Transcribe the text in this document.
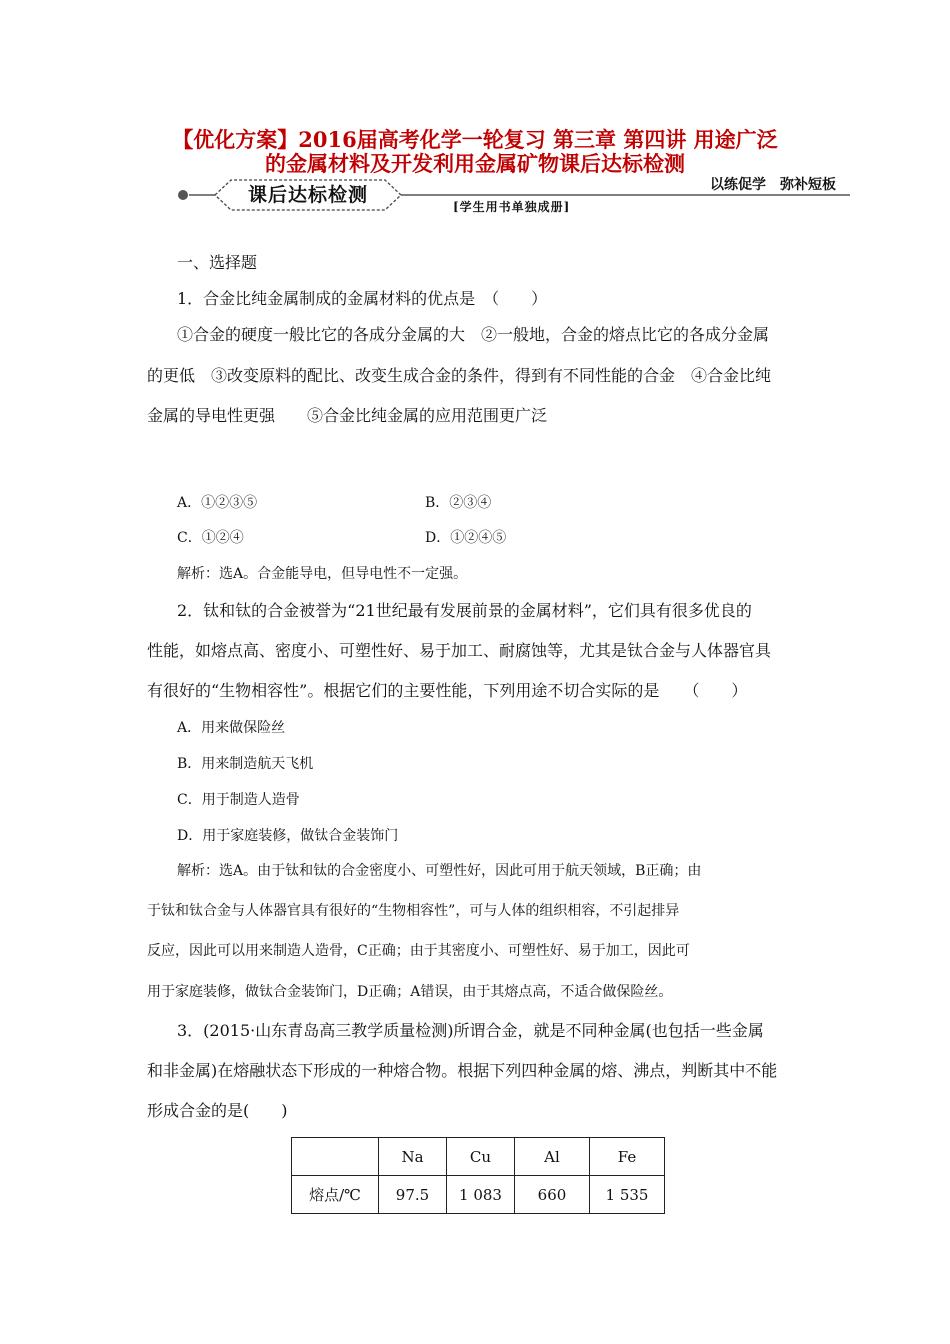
【优化方案】2016届高考化学一轮复习 第三章 第四讲 用途广泛
的金属材料及开发利用金属矿物课后达标检测
课后达标检测	以练促学　弥补短板
[学生用书单独成册]
一、选择题
1．合金比纯金属制成的金属材料的优点是　（　　）
①合金的硬度一般比它的各成分金属的大　②一般地，合金的熔点比它的各成分金属
的更低　③改变原料的配比、改变生成合金的条件，得到有不同性能的合金　④合金比纯
金属的导电性更强　　⑤合金比纯金属的应用范围更广泛
A．①②③⑤	B．②③④
C．①②④	D．①②④⑤
解析：选A。合金能导电，但导电性不一定强。
2．钛和钛的合金被誉为“21世纪最有发展前景的金属材料”，它们具有很多优良的
性能，如熔点高、密度小、可塑性好、易于加工、耐腐蚀等，尤其是钛合金与人体器官具
有很好的“生物相容性”。根据它们的主要性能，下列用途不切合实际的是　　（　　）
A．用来做保险丝
B．用来制造航天飞机
C．用于制造人造骨
D．用于家庭装修，做钛合金装饰门
解析：选A。由于钛和钛的合金密度小、可塑性好，因此可用于航天领域，B正确；由
于钛和钛合金与人体器官具有很好的“生物相容性”，可与人体的组织相容，不引起排异
反应，因此可以用来制造人造骨，C正确；由于其密度小、可塑性好、易于加工，因此可
用于家庭装修，做钛合金装饰门，D正确；A错误，由于其熔点高，不适合做保险丝。
3．(2015·山东青岛高三教学质量检测)所谓合金，就是不同种金属(也包括一些金属
和非金属)在熔融状态下形成的一种熔合物。根据下列四种金属的熔、沸点，判断其中不能
形成合金的是(　　)
	Na	Cu	Al	Fe
熔点/℃	97.5	1 083	660	1 535
